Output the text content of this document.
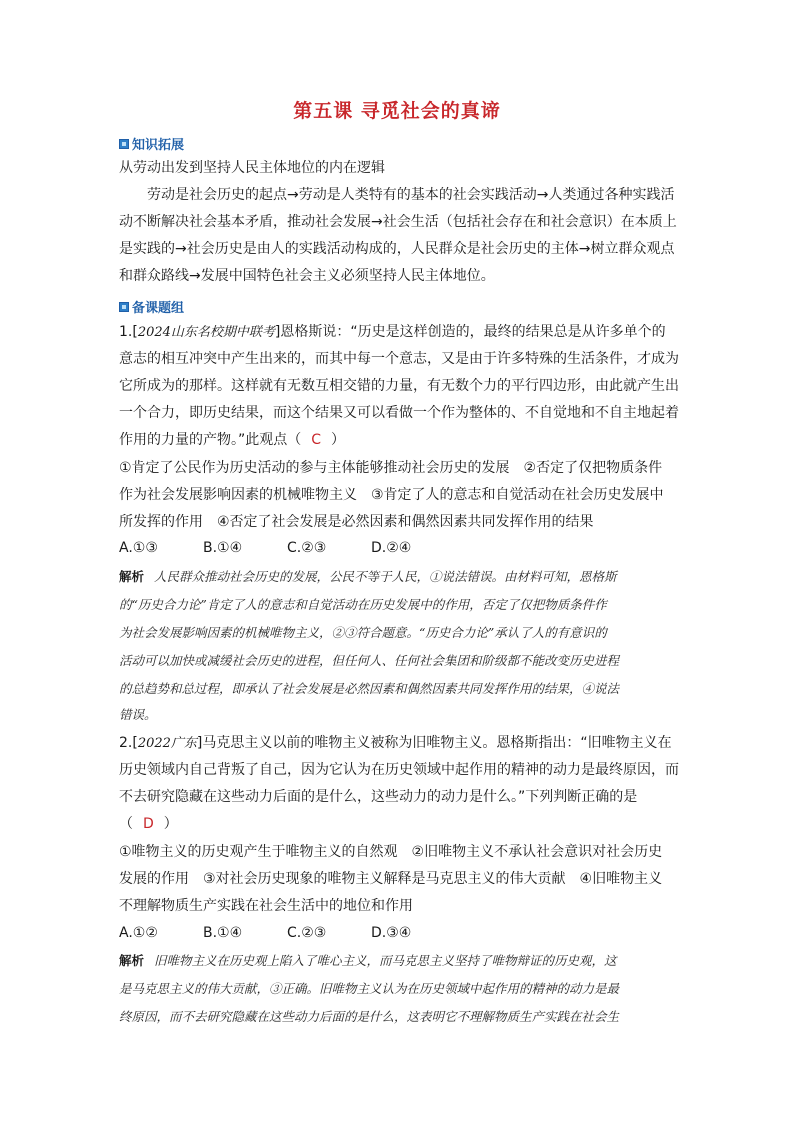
第五课 寻觅社会的真谛
知识拓展
从劳动出发到坚持人民主体地位的内在逻辑
劳动是社会历史的起点→劳动是人类特有的基本的社会实践活动→人类通过各种实践活
动不断解决社会基本矛盾，推动社会发展→社会生活（包括社会存在和社会意识）在本质上
是实践的→社会历史是由人的实践活动构成的，人民群众是社会历史的主体→树立群众观点
和群众路线→发展中国特色社会主义必须坚持人民主体地位。
备课题组
1.[2024山东名校期中联考]恩格斯说：“历史是这样创造的，最终的结果总是从许多单个的
意志的相互冲突中产生出来的，而其中每一个意志，又是由于许多特殊的生活条件，才成为
它所成为的那样。这样就有无数互相交错的力量，有无数个力的平行四边形，由此就产生出
一个合力，即历史结果，而这个结果又可以看做一个作为整体的、不自觉地和不自主地起着
作用的力量的产物。”此观点（ C ）
①肯定了公民作为历史活动的参与主体能够推动社会历史的发展　②否定了仅把物质条件
作为社会发展影响因素的机械唯物主义　③肯定了人的意志和自觉活动在社会历史发展中
所发挥的作用　④否定了社会发展是必然因素和偶然因素共同发挥作用的结果
A.①③	B.①④	C.②③	D.②④
解析 人民群众推动社会历史的发展，公民不等于人民，①说法错误。由材料可知，恩格斯
的“历史合力论”肯定了人的意志和自觉活动在历史发展中的作用，否定了仅把物质条件作
为社会发展影响因素的机械唯物主义，②③符合题意。“历史合力论”承认了人的有意识的
活动可以加快或减缓社会历史的进程，但任何人、任何社会集团和阶级都不能改变历史进程
的总趋势和总过程，即承认了社会发展是必然因素和偶然因素共同发挥作用的结果，④说法
错误。
2.[2022广东]马克思主义以前的唯物主义被称为旧唯物主义。恩格斯指出：“旧唯物主义在
历史领域内自己背叛了自己，因为它认为在历史领域中起作用的精神的动力是最终原因，而
不去研究隐藏在这些动力后面的是什么，这些动力的动力是什么。”下列判断正确的是
（ D ）
①唯物主义的历史观产生于唯物主义的自然观　②旧唯物主义不承认社会意识对社会历史
发展的作用　③对社会历史现象的唯物主义解释是马克思主义的伟大贡献　④旧唯物主义
不理解物质生产实践在社会生活中的地位和作用
A.①②	B.①④	C.②③	D.③④
解析 旧唯物主义在历史观上陷入了唯心主义，而马克思主义坚持了唯物辩证的历史观，这
是马克思主义的伟大贡献，③正确。旧唯物主义认为在历史领域中起作用的精神的动力是最
终原因，而不去研究隐藏在这些动力后面的是什么，这表明它不理解物质生产实践在社会生
